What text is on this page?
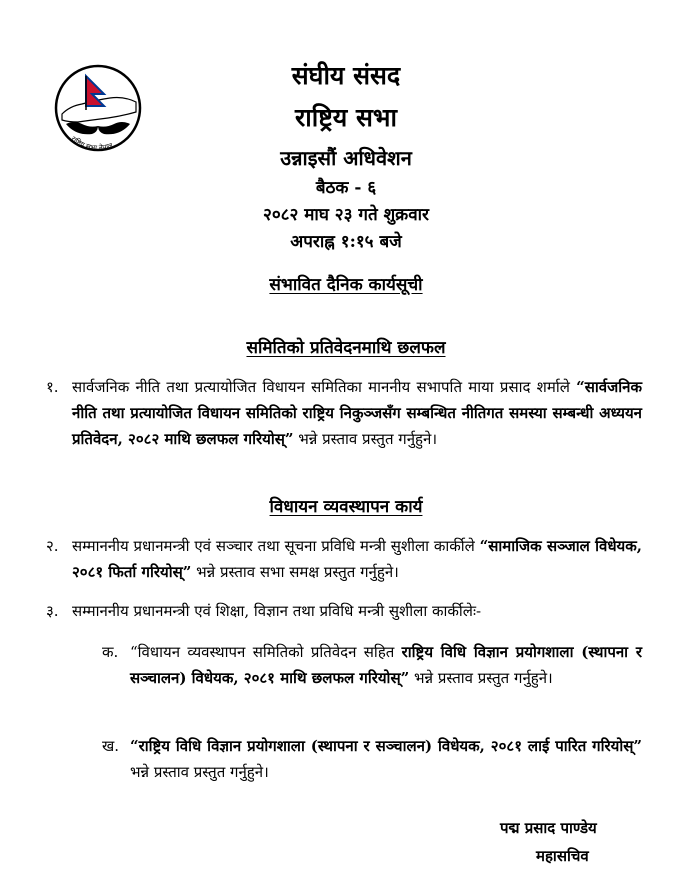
राष्ट्रिय सभा नेपाल
संघीय संसद
राष्ट्रिय सभा
उन्नाइसौं अधिवेशन
बैठक - ६
२०८२ माघ २३ गते शुक्रवार
अपराह्न १:१५ बजे
संभावित दैनिक कार्यसूची
समितिको प्रतिवेदनमाथि छलफल
१. सार्वजनिक नीति तथा प्रत्यायोजित विधायन समितिका माननीय सभापति माया प्रसाद शर्माले “सार्वजनिक नीति तथा प्रत्यायोजित विधायन समितिको राष्ट्रिय निकुञ्जसँग सम्बन्धित नीतिगत समस्या सम्बन्धी अध्ययन प्रतिवेदन, २०८२ माथि छलफल गरियोस्” भन्ने प्रस्ताव प्रस्तुत गर्नुहुने।
विधायन व्यवस्थापन कार्य
२. सम्माननीय प्रधानमन्त्री एवं सञ्चार तथा सूचना प्रविधि मन्त्री सुशीला कार्कीले “सामाजिक सञ्जाल विधेयक, २०८१ फिर्ता गरियोस्” भन्ने प्रस्ताव सभा समक्ष प्रस्तुत गर्नुहुने।
३. सम्माननीय प्रधानमन्त्री एवं शिक्षा, विज्ञान तथा प्रविधि मन्त्री सुशीला कार्कीलेः-
क. “विधायन व्यवस्थापन समितिको प्रतिवेदन सहित राष्ट्रिय विधि विज्ञान प्रयोगशाला (स्थापना र सञ्चालन) विधेयक, २०८१ माथि छलफल गरियोस्” भन्ने प्रस्ताव प्रस्तुत गर्नुहुने।
ख. “राष्ट्रिय विधि विज्ञान प्रयोगशाला (स्थापना र सञ्चालन) विधेयक, २०८१ लाई पारित गरियोस्” भन्ने प्रस्ताव प्रस्तुत गर्नुहुने।
पद्म प्रसाद पाण्डेय
महासचिव
